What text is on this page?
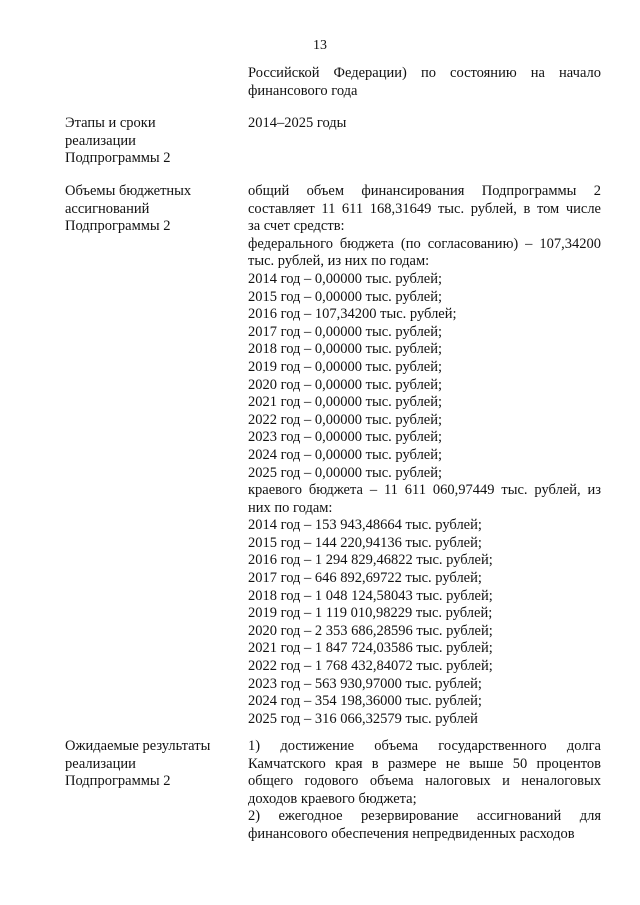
13
Российской Федерации) по состоянию на начало
финансового года
Этапы и сроки
реализации
Подпрограммы 2
2014–2025 годы
Объемы бюджетных
ассигнований
Подпрограммы 2
общий объем финансирования Подпрограммы 2
составляет 11 611 168,31649 тыс. рублей, в том числе
за счет средств:
федерального бюджета (по согласованию) – 107,34200
тыс. рублей, из них по годам:
2014 год – 0,00000 тыс. рублей;
2015 год – 0,00000 тыс. рублей;
2016 год – 107,34200 тыс. рублей;
2017 год – 0,00000 тыс. рублей;
2018 год – 0,00000 тыс. рублей;
2019 год – 0,00000 тыс. рублей;
2020 год – 0,00000 тыс. рублей;
2021 год – 0,00000 тыс. рублей;
2022 год – 0,00000 тыс. рублей;
2023 год – 0,00000 тыс. рублей;
2024 год – 0,00000 тыс. рублей;
2025 год – 0,00000 тыс. рублей;
краевого бюджета – 11 611 060,97449 тыс. рублей, из
них по годам:
2014 год – 153 943,48664 тыс. рублей;
2015 год – 144 220,94136 тыс. рублей;
2016 год – 1 294 829,46822 тыс. рублей;
2017 год – 646 892,69722 тыс. рублей;
2018 год – 1 048 124,58043 тыс. рублей;
2019 год – 1 119 010,98229 тыс. рублей;
2020 год – 2 353 686,28596 тыс. рублей;
2021 год – 1 847 724,03586 тыс. рублей;
2022 год – 1 768 432,84072 тыс. рублей;
2023 год – 563 930,97000 тыс. рублей;
2024 год – 354 198,36000 тыс. рублей;
2025 год – 316 066,32579 тыс. рублей
Ожидаемые результаты
реализации
Подпрограммы 2
1) достижение объема государственного долга
Камчатского края в размере не выше 50 процентов
общего годового объема налоговых и неналоговых
доходов краевого бюджета;
2) ежегодное резервирование ассигнований для
финансового обеспечения непредвиденных расходов
